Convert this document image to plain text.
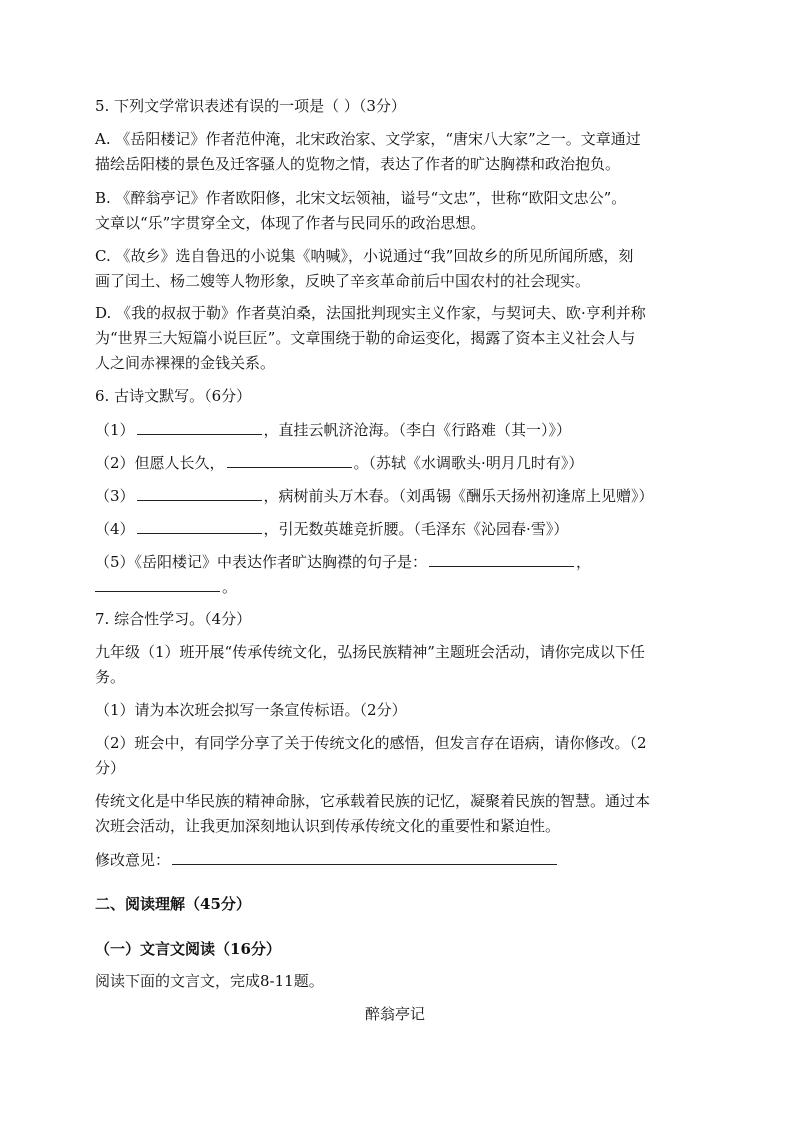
5. 下列文学常识表述有误的一项是（ ）（3分）
A. 《岳阳楼记》作者范仲淹，北宋政治家、文学家，“唐宋八大家”之一。文章通过
描绘岳阳楼的景色及迁客骚人的览物之情，表达了作者的旷达胸襟和政治抱负。
B. 《醉翁亭记》作者欧阳修，北宋文坛领袖，谥号“文忠”，世称“欧阳文忠公”。
文章以“乐”字贯穿全文，体现了作者与民同乐的政治思想。
C. 《故乡》选自鲁迅的小说集《呐喊》，小说通过“我”回故乡的所见所闻所感，刻
画了闰土、杨二嫂等人物形象，反映了辛亥革命前后中国农村的社会现实。
D. 《我的叔叔于勒》作者莫泊桑，法国批判现实主义作家，与契诃夫、欧·亨利并称
为“世界三大短篇小说巨匠”。文章围绕于勒的命运变化，揭露了资本主义社会人与
人之间赤裸裸的金钱关系。
6. 古诗文默写。（6分）
（1）	，直挂云帆济沧海。（李白《行路难（其一）》）
（2）但愿人长久，	。（苏轼《水调歌头·明月几时有》）
（3）	，病树前头万木春。（刘禹锡《酬乐天扬州初逢席上见赠》）
（4）	，引无数英雄竞折腰。（毛泽东《沁园春·雪》）
（5）《岳阳楼记》中表达作者旷达胸襟的句子是：	，
。
7. 综合性学习。（4分）
九年级（1）班开展“传承传统文化，弘扬民族精神”主题班会活动，请你完成以下任
务。
（1）请为本次班会拟写一条宣传标语。（2分）
（2）班会中，有同学分享了关于传统文化的感悟，但发言存在语病，请你修改。（2
分）
传统文化是中华民族的精神命脉，它承载着民族的记忆，凝聚着民族的智慧。通过本
次班会活动，让我更加深刻地认识到传承传统文化的重要性和紧迫性。
修改意见：
二、阅读理解（45分）
（一）文言文阅读（16分）
阅读下面的文言文，完成8-11题。
醉翁亭记
